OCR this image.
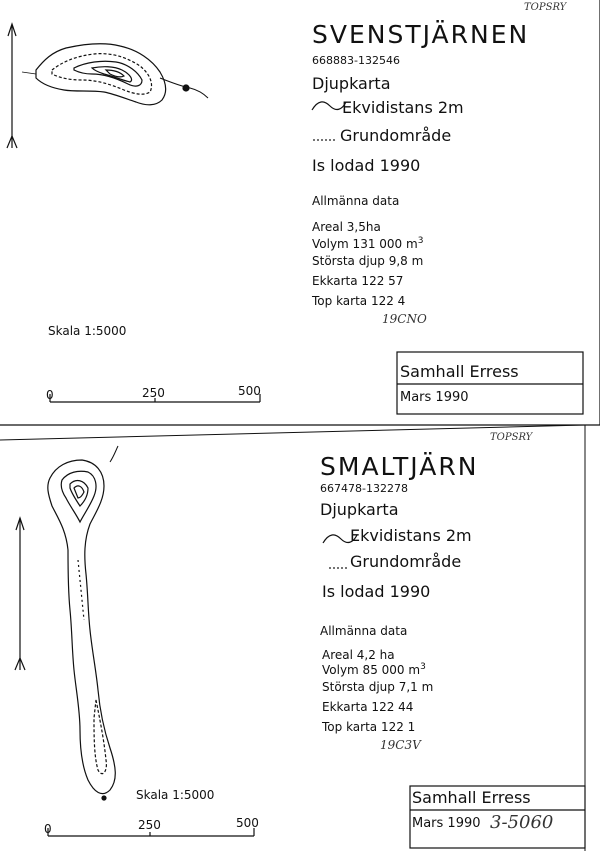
TOPSRY
SVENSTJÄRNEN
668883-132546
Djupkarta
Ekvidistans 2m
Grundområde
Is lodad 1990
Allmänna data
Areal 3,5ha
Volym 131 000 $m^3$
Största djup 9,8 m
Ekkarta 122 57
Top karta 122 4
19CNO
Skala 1:5000
0	250	500
Samhall Erress
Mars 1990
TOPSRY
SMALTJÄRN
667478-132278
Djupkarta
Ekvidistans 2m
Grundområde
Is lodad 1990
Allmänna data
Areal 4,2 ha
Volym 85 000 $m^3$
Största djup 7,1 m
Ekkarta 122 44
Top karta 122 1
19C3V
Skala 1:5000
0	250	500
Samhall Erress
Mars 1990 3-5060
